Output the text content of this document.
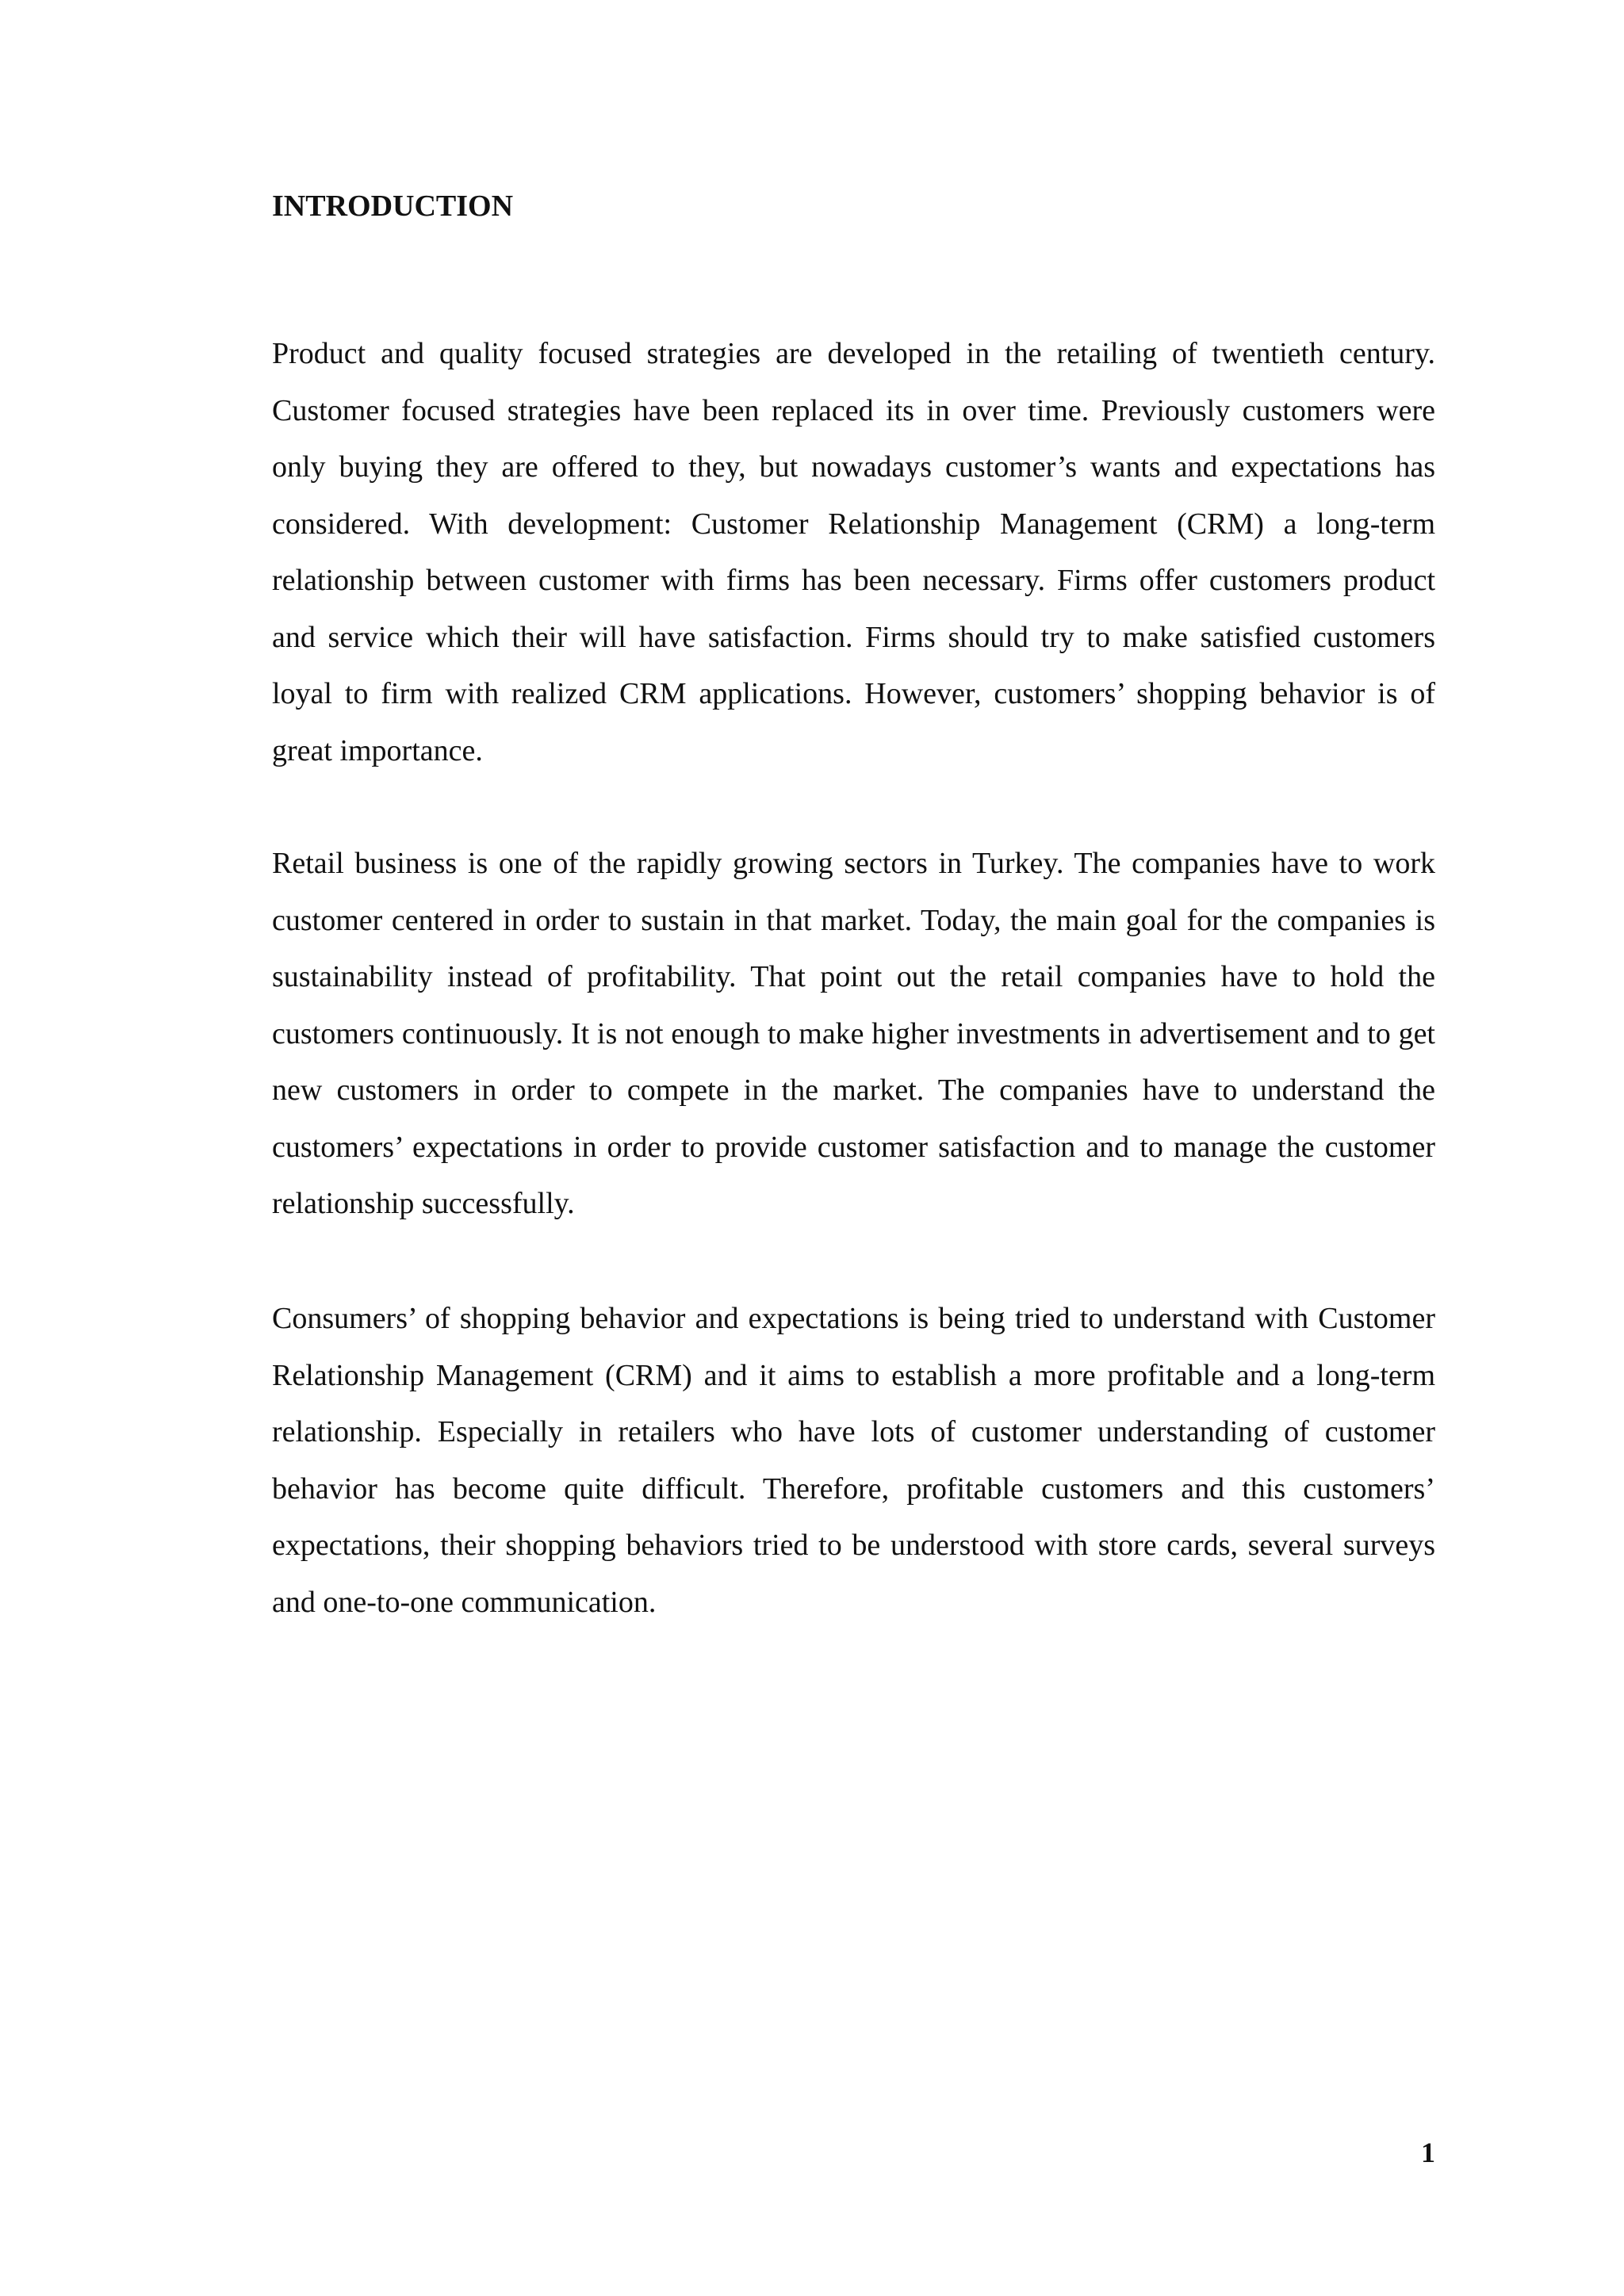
INTRODUCTION

Product and quality focused strategies are developed in the retailing of twentieth century. Customer focused strategies have been replaced its in over time. Previously customers were only buying they are offered to they, but nowadays customer’s wants and expectations has considered. With development: Customer Relationship Management (CRM) a long-term relationship between customer with firms has been necessary. Firms offer customers product and service which their will have satisfaction. Firms should try to make satisfied customers loyal to firm with realized CRM applications. However, customers’ shopping behavior is of great importance.

Retail business is one of the rapidly growing sectors in Turkey. The companies have to work customer centered in order to sustain in that market. Today, the main goal for the companies is sustainability instead of profitability. That point out the retail companies have to hold the customers continuously. It is not enough to make higher investments in advertisement and to get new customers in order to compete in the market. The companies have to understand the customers’ expectations in order to provide customer satisfaction and to manage the customer relationship successfully.

Consumers’ of shopping behavior and expectations is being tried to understand with Customer Relationship Management (CRM) and it aims to establish a more profitable and a long-term relationship. Especially in retailers who have lots of customer understanding of customer behavior has become quite difficult. Therefore, profitable customers and this customers’ expectations, their shopping behaviors tried to be understood with store cards, several surveys and one-to-one communication.

1
